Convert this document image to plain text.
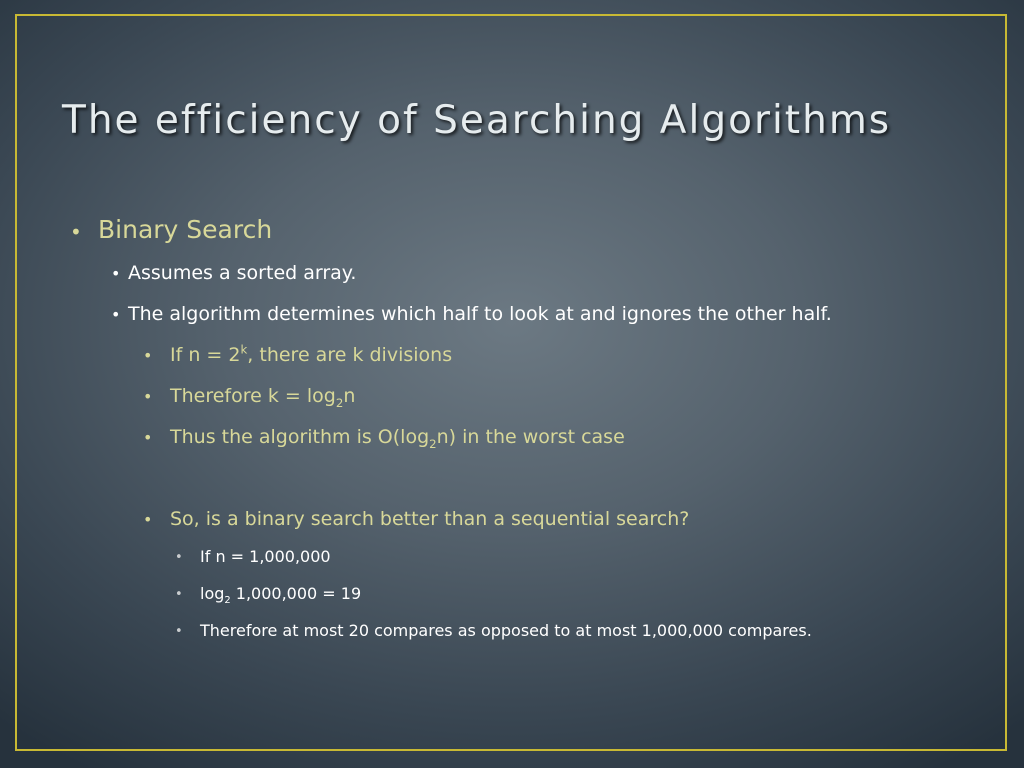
The efficiency of Searching Algorithms
• Binary Search
• Assumes a sorted array.
• The algorithm determines which half to look at and ignores the other half.
• If $n = 2^k$, there are k divisions
• Therefore $k = \log_2n$
• Thus the algorithm is $O(\log_2n)$ in the worst case
• So, is a binary search better than a sequential search?
• If n = 1,000,000
• $\log_2 1,000,000 = 19$
• Therefore at most 20 compares as opposed to at most 1,000,000 compares.
